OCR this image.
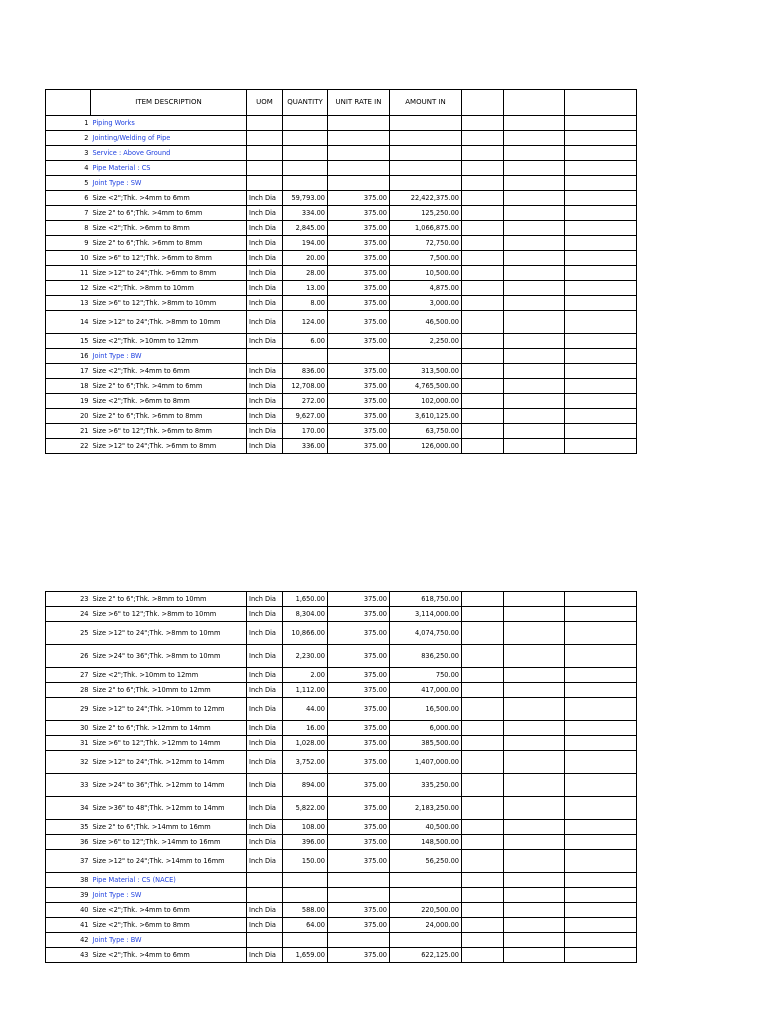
	ITEM DESCRIPTION	UOM	QUANTITY	UNIT RATE IN	AMOUNT IN			
1	Piping Works							
2	Jointing/Welding of Pipe							
3	Service : Above Ground							
4	Pipe Material : CS							
5	Joint Type : SW							
6	Size <2";Thk. >4mm to 6mm	Inch Dia	59,793.00	375.00	22,422,375.00			
7	Size 2" to 6";Thk. >4mm to 6mm	Inch Dia	334.00	375.00	125,250.00			
8	Size <2";Thk. >6mm to 8mm	Inch Dia	2,845.00	375.00	1,066,875.00			
9	Size 2" to 6";Thk. >6mm to 8mm	Inch Dia	194.00	375.00	72,750.00			
10	Size >6" to 12";Thk. >6mm to 8mm	Inch Dia	20.00	375.00	7,500.00			
11	Size >12" to 24";Thk. >6mm to 8mm	Inch Dia	28.00	375.00	10,500.00			
12	Size <2";Thk. >8mm to 10mm	Inch Dia	13.00	375.00	4,875.00			
13	Size >6" to 12";Thk. >8mm to 10mm	Inch Dia	8.00	375.00	3,000.00			
14	Size >12" to 24";Thk. >8mm to 10mm	Inch Dia	124.00	375.00	46,500.00			
15	Size <2";Thk. >10mm to 12mm	Inch Dia	6.00	375.00	2,250.00			
16	Joint Type : BW							
17	Size <2";Thk. >4mm to 6mm	Inch Dia	836.00	375.00	313,500.00			
18	Size 2" to 6";Thk. >4mm to 6mm	Inch Dia	12,708.00	375.00	4,765,500.00			
19	Size <2";Thk. >6mm to 8mm	Inch Dia	272.00	375.00	102,000.00			
20	Size 2" to 6";Thk. >6mm to 8mm	Inch Dia	9,627.00	375.00	3,610,125.00			
21	Size >6" to 12";Thk. >6mm to 8mm	Inch Dia	170.00	375.00	63,750.00			
22	Size >12" to 24";Thk. >6mm to 8mm	Inch Dia	336.00	375.00	126,000.00			
23	Size 2" to 6";Thk. >8mm to 10mm	Inch Dia	1,650.00	375.00	618,750.00			
24	Size >6" to 12";Thk. >8mm to 10mm	Inch Dia	8,304.00	375.00	3,114,000.00			
25	Size >12" to 24";Thk. >8mm to 10mm	Inch Dia	10,866.00	375.00	4,074,750.00			
26	Size >24" to 36";Thk. >8mm to 10mm	Inch Dia	2,230.00	375.00	836,250.00			
27	Size <2";Thk. >10mm to 12mm	Inch Dia	2.00	375.00	750.00			
28	Size 2" to 6";Thk. >10mm to 12mm	Inch Dia	1,112.00	375.00	417,000.00			
29	Size >12" to 24";Thk. >10mm to 12mm	Inch Dia	44.00	375.00	16,500.00			
30	Size 2" to 6";Thk. >12mm to 14mm	Inch Dia	16.00	375.00	6,000.00			
31	Size >6" to 12";Thk. >12mm to 14mm	Inch Dia	1,028.00	375.00	385,500.00			
32	Size >12" to 24";Thk. >12mm to 14mm	Inch Dia	3,752.00	375.00	1,407,000.00			
33	Size >24" to 36";Thk. >12mm to 14mm	Inch Dia	894.00	375.00	335,250.00			
34	Size >36" to 48";Thk. >12mm to 14mm	Inch Dia	5,822.00	375.00	2,183,250.00			
35	Size 2" to 6";Thk. >14mm to 16mm	Inch Dia	108.00	375.00	40,500.00			
36	Size >6" to 12";Thk. >14mm to 16mm	Inch Dia	396.00	375.00	148,500.00			
37	Size >12" to 24";Thk. >14mm to 16mm	Inch Dia	150.00	375.00	56,250.00			
38	Pipe Material : CS (NACE)							
39	Joint Type : SW							
40	Size <2";Thk. >4mm to 6mm	Inch Dia	588.00	375.00	220,500.00			
41	Size <2";Thk. >6mm to 8mm	Inch Dia	64.00	375.00	24,000.00			
42	Joint Type : BW							
43	Size <2";Thk. >4mm to 6mm	Inch Dia	1,659.00	375.00	622,125.00			
